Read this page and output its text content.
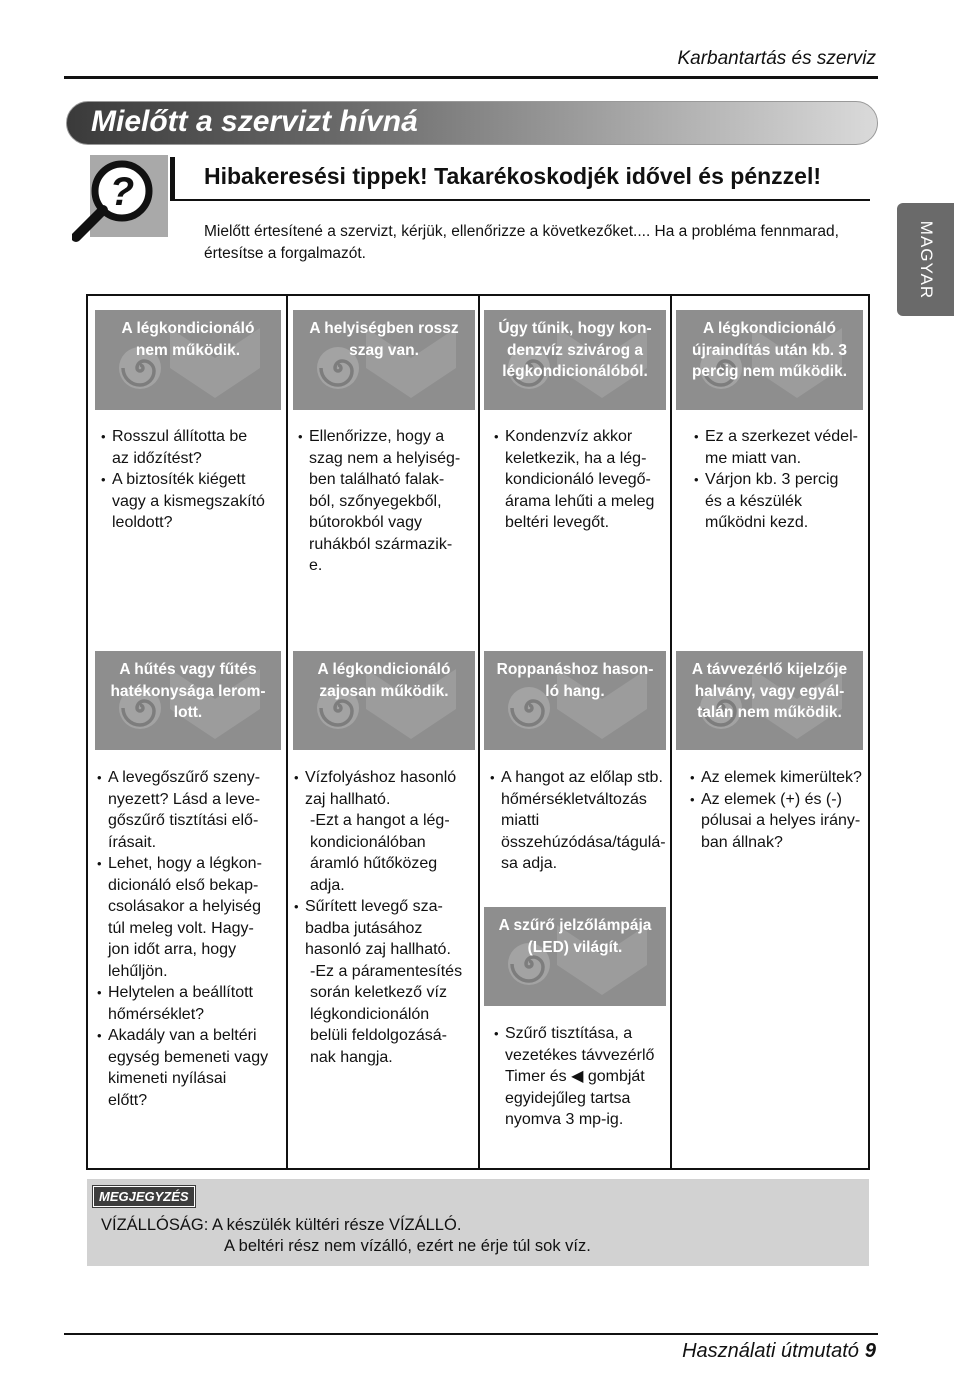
Karbantartás és szerviz
Mielőtt a szervizt hívná
?	Hibakeresési tippek! Takarékoskodjék idővel és pénzzel!
Mielőtt értesítené a szervizt, kérjük, ellenőrizze a következőket.... Ha a probléma fennmarad,
értesítse a forgalmazót.	MAGYAR
A légkondicionáló
nem működik.
• Rosszul állította be
az időzítést?
• A biztosíték kiégett
vagy a kismegszakító
leoldott?
A helyiségben rossz
szag van.
• Ellenőrizze, hogy a
szag nem a helyiség-
ben található falak-
ból, szőnyegekből,
bútorokból vagy
ruhákból származik-
e.
Úgy tűnik, hogy kon-
denzvíz szivárog a
légkondicionálóból.
• Kondenzvíz akkor
keletkezik, ha a lég-
kondicionáló levegő-
árama lehűti a meleg
beltéri levegőt.
A légkondicionáló
újraindítás után kb. 3
percig nem működik.
• Ez a szerkezet védel-
me miatt van.
• Várjon kb. 3 percig
és a készülék
működni kezd.
A hűtés vagy fűtés
hatékonysága lerom-
lott.
• A levegőszűrő szeny-
nyezett? Lásd a leve-
gőszűrő tisztítási elő-
írásait.
• Lehet, hogy a légkon-
dicionáló első bekap-
csolásakor a helyiség
túl meleg volt. Hagy-
jon időt arra, hogy
lehűljön.
• Helytelen a beállított
hőmérséklet?
• Akadály van a beltéri
egység bemeneti vagy
kimeneti nyílásai
előtt?
A légkondicionáló
zajosan működik.
• Vízfolyáshoz hasonló
zaj hallható.
-Ezt a hangot a lég-
kondicionálóban
áramló hűtőközeg
adja.
• Sűrített levegő sza-
badba jutásához
hasonló zaj hallható.
-Ez a páramentesítés
során keletkező víz
légkondicionálón
belüli feldolgozásá-
nak hangja.
Roppanáshoz hason-
ló hang.
• A hangot az előlap stb.
hőmérsékletváltozás
miatti
összehúzódása/tágulá-
sa adja.
A távvezérlő kijelzője
halvány, vagy egyál-
talán nem működik.
• Az elemek kimerültek?
• Az elemek (+) és (-)
pólusai a helyes irány-
ban állnak?
A szűrő jelzőlámpája
(LED) világít.
• Szűrő tisztítása, a
vezetékes távvezérlő
Timer és ◀ gombját
egyidejűleg tartsa
nyomva 3 mp-ig.
MEGJEGYZÉS
VÍZÁLLÓSÁG: A készülék kültéri része VÍZÁLLÓ.
A beltéri rész nem vízálló, ezért ne érje túl sok víz.
Használati útmutató 9
